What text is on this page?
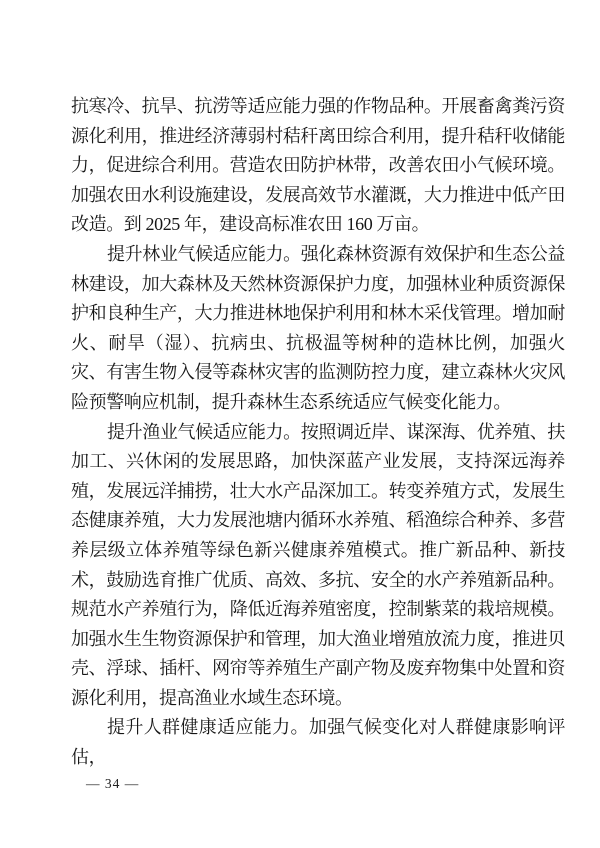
抗寒冷、抗旱、抗涝等适应能力强的作物品种。开展畜禽粪污资源化利用，推进经济薄弱村秸秆离田综合利用，提升秸秆收储能力，促进综合利用。营造农田防护林带，改善农田小气候环境。加强农田水利设施建设，发展高效节水灌溉，大力推进中低产田改造。到 2025 年，建设高标准农田 160 万亩。

提升林业气候适应能力。强化森林资源有效保护和生态公益林建设，加大森林及天然林资源保护力度，加强林业种质资源保护和良种生产，大力推进林地保护利用和林木采伐管理。增加耐火、耐旱（湿）、抗病虫、抗极温等树种的造林比例，加强火灾、有害生物入侵等森林灾害的监测防控力度，建立森林火灾风险预警响应机制，提升森林生态系统适应气候变化能力。

提升渔业气候适应能力。按照调近岸、谋深海、优养殖、扶加工、兴休闲的发展思路，加快深蓝产业发展，支持深远海养殖，发展远洋捕捞，壮大水产品深加工。转变养殖方式，发展生态健康养殖，大力发展池塘内循环水养殖、稻渔综合种养、多营养层级立体养殖等绿色新兴健康养殖模式。推广新品种、新技术，鼓励选育推广优质、高效、多抗、安全的水产养殖新品种。规范水产养殖行为，降低近海养殖密度，控制紫菜的栽培规模。加强水生生物资源保护和管理，加大渔业增殖放流力度，推进贝壳、浮球、插杆、网帘等养殖生产副产物及废弃物集中处置和资源化利用，提高渔业水域生态环境。

提升人群健康适应能力。加强气候变化对人群健康影响评估，

— 34 —
